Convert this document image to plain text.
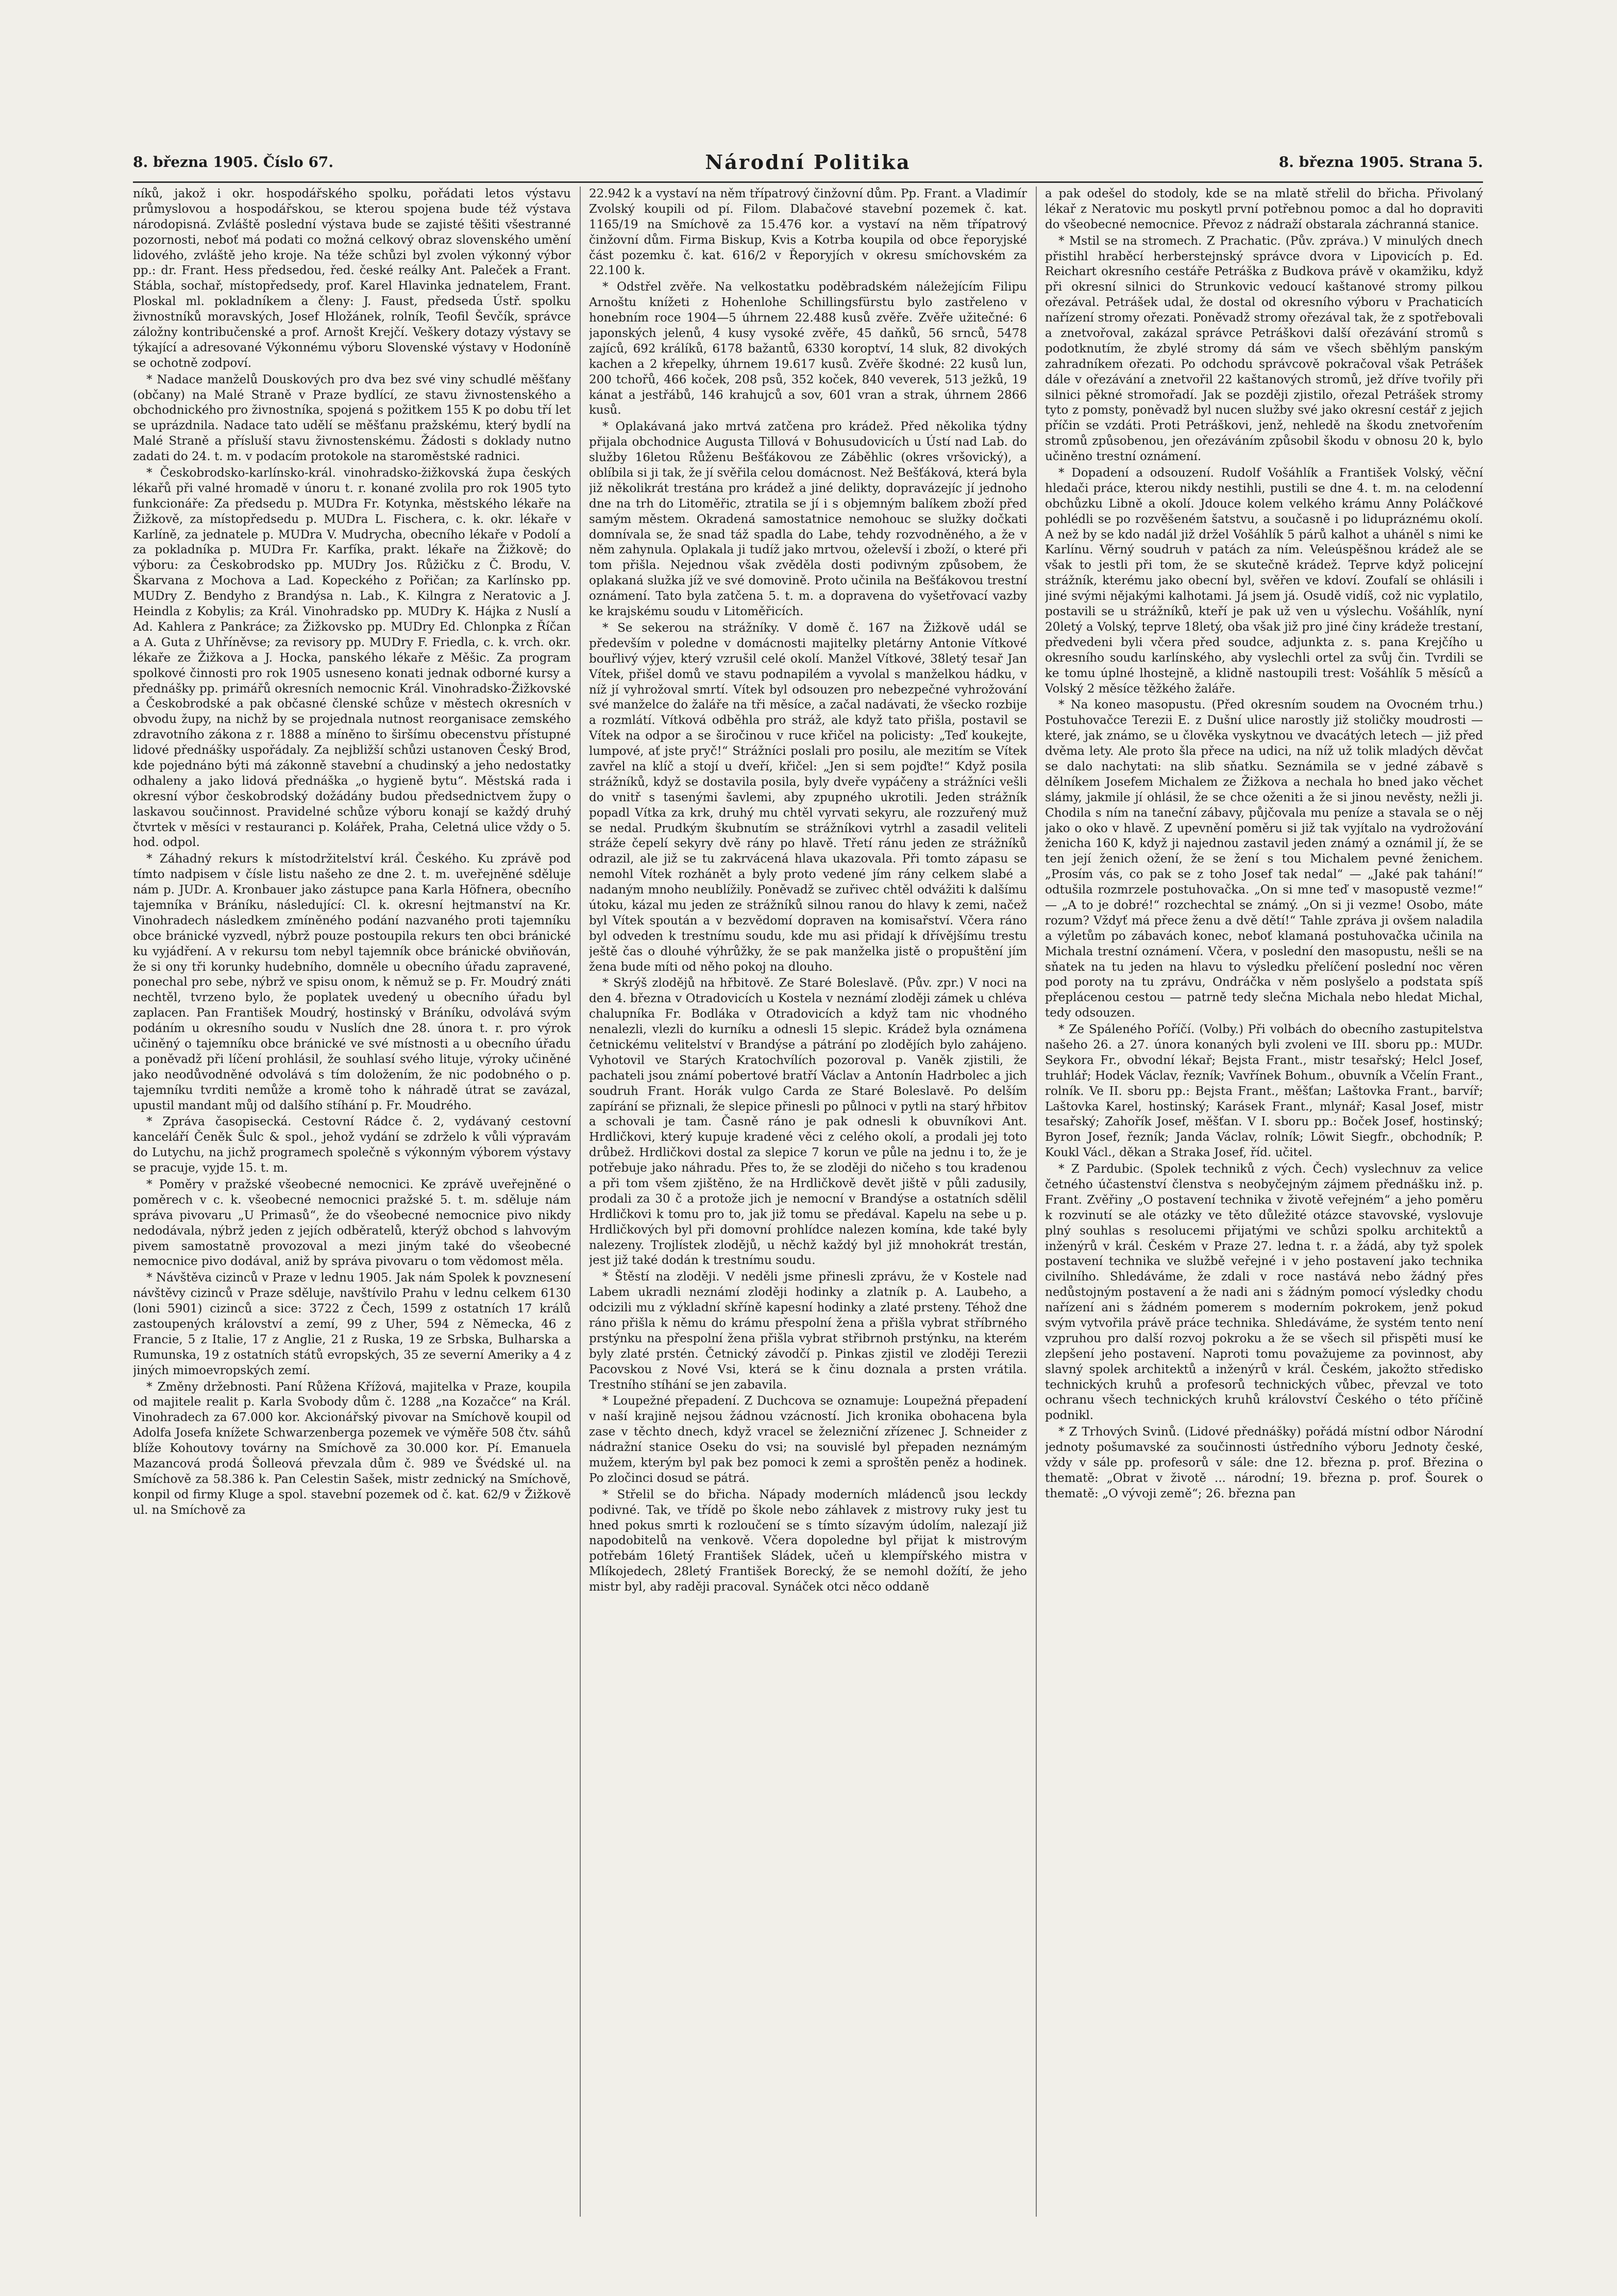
8. března 1905. Číslo 67.	Národní Politika	8. března 1905. Strana 5.

níků, jakož i okr. hospodářského spolku, pořádati letos výstavu průmyslovou a hospodářskou, se kterou spojena bude též výstava národopisná. Zvláště poslední výstava bude se zajisté těšiti všestranné pozornosti, neboť má podati co možná celkový obraz slovenského umění lidového, zvláště jeho kroje. Na téže schůzi byl zvolen výkonný výbor pp.: dr. Frant. Hess předsedou, řed. české reálky Ant. Paleček a Frant. Stábla, sochař, místopředsedy, prof. Karel Hlavinka jednatelem, Frant. Ploskal ml. pokladníkem a členy: J. Faust, předseda Ústř. spolku živnostníků moravských, Josef Hložánek, rolník, Teofil Ševčík, správce záložny kontribučenské a prof. Arnošt Krejčí. Veškery dotazy výstavy se týkající a adresované Výkonnému výboru Slovenské výstavy v Hodoníně se ochotně zodpoví.

* Nadace manželů Douskových pro dva bez své viny schudlé měšťany (občany) na Malé Straně v Praze bydlící, ze stavu živnostenského a obchodnického pro živnostníka, spojená s požitkem 155 K po dobu tří let se uprázdnila. Nadace tato udělí se měšťanu pražskému, který bydlí na Malé Straně a přísluší stavu živnostenskému. Žádosti s doklady nutno zadati do 24. t. m. v podacím protokole na staroměstské radnici.

* Českobrodsko-karlínsko-král. vinohradsko-žižkovská župa českých lékařů při valné hromadě v únoru t. r. konané zvolila pro rok 1905 tyto funkcionáře: Za předsedu p. MUDra Fr. Kotynka, městského lékaře na Žižkově, za místopředsedu p. MUDra L. Fischera, c. k. okr. lékaře v Karlíně, za jednatele p. MUDra V. Mudrycha, obecního lékaře v Podolí a za pokladníka p. MUDra Fr. Karfíka, prakt. lékaře na Žižkově; do výboru: za Českobrodsko pp. MUDry Jos. Růžičku z Č. Brodu, V. Škarvana z Mochova a Lad. Kopeckého z Pořičan; za Karlínsko pp. MUDry Z. Bendyho z Brandýsa n. Lab., K. Kilngra z Neratovic a J. Heindla z Kobylis; za Král. Vinohradsko pp. MUDry K. Hájka z Nuslí a Ad. Kahlera z Pankráce; za Žižkovsko pp. MUDry Ed. Chlonpka z Říčan a A. Guta z Uhříněvse; za revisory pp. MUDry F. Friedla, c. k. vrch. okr. lékaře ze Žižkova a J. Hocka, panského lékaře z Měšic. Za program spolkové činnosti pro rok 1905 usneseno konati jednak odborné kursy a přednášky pp. primářů okresních nemocnic Král. Vinohradsko-Žižkovské a Českobrodské a pak občasné členské schůze v městech okresních v obvodu župy, na nichž by se projednala nutnost reorganisace zemského zdravotního zákona z r. 1888 a míněno to širšímu obecenstvu přístupné lidové přednášky uspořádaly. Za nejbližší schůzi ustanoven Český Brod, kde pojednáno býti má zákonně stavební a chudinský a jeho nedostatky odhaleny a jako lidová přednáška „o hygieně bytu“. Městská rada i okresní výbor českobrodský dožádány budou předsednictvem župy o laskavou součinnost. Pravidelné schůze výboru konají se každý druhý čtvrtek v měsíci v restauranci p. Kolářek, Praha, Celetná ulice vždy o 5. hod. odpol.

* Záhadný rekurs k místodržitelství král. Českého. Ku zprávě pod tímto nadpisem v čísle listu našeho ze dne 2. t. m. uveřejněné sděluje nám p. JUDr. A. Kronbauer jako zástupce pana Karla Höfnera, obecního tajemníka v Bráníku, následující: Cl. k. okresní hejtmanství na Kr. Vinohradech následkem zmíněného podání nazvaného proti tajemníku obce bránické vyzvedl, nýbrž pouze postoupila rekurs ten obci bránické ku vyjádření. A v rekursu tom nebyl tajemník obce bránické obviňován, že si ony tři korunky hudebního, domněle u obecního úřadu zapravené, ponechal pro sebe, nýbrž ve spisu onom, k němuž se p. Fr. Moudrý znáti nechtěl, tvrzeno bylo, že poplatek uvedený u obecního úřadu byl zaplacen. Pan František Moudrý, hostinský v Bráníku, odvolává svým podáním u okresního soudu v Nuslích dne 28. února t. r. pro výrok učiněný o tajemníku obce bránické ve své místnosti a u obecního úřadu a poněvadž při líčení prohlásil, že souhlasí svého lituje, výroky učiněné jako neodůvodněné odvolává s tím doložením, že nic podobného o p. tajemníku tvrditi nemůže a kromě toho k náhradě útrat se zavázal, upustil mandant můj od dalšího stíhání p. Fr. Moudrého.

* Zpráva časopisecká. Cestovní Rádce č. 2, vydávaný cestovní kanceláří Čeněk Šulc & spol., jehož vydání se zdrželo k vůli výpravám do Lutychu, na jichž programech společně s výkonným výborem výstavy se pracuje, vyjde 15. t. m.

* Poměry v pražské všeobecné nemocnici. Ke zprávě uveřejněné o poměrech v c. k. všeobecné nemocnici pražské 5. t. m. sděluje nám správa pivovaru „U Primasů“, že do všeobecné nemocnice pivo nikdy nedodávala, nýbrž jeden z jejích odběratelů, kterýž obchod s lahvovým pivem samostatně provozoval a mezi jiným také do všeobecné nemocnice pivo dodával, aniž by správa pivovaru o tom vědomost měla.

* Návštěva cizinců v Praze v lednu 1905. Jak nám Spolek k povznesení návštěvy cizinců v Praze sděluje, navštívilo Prahu v lednu celkem 6130 (loni 5901) cizinců a sice: 3722 z Čech, 1599 z ostatních 17 králů zastoupených království a zemí, 99 z Uher, 594 z Německa, 46 z Francie, 5 z Italie, 17 z Anglie, 21 z Ruska, 19 ze Srbska, Bulharska a Rumunska, 19 z ostatních států evropských, 35 ze severní Ameriky a 4 z jiných mimoevropských zemí.

* Změny držebnosti. Paní Růžena Křížová, majitelka v Praze, koupila od majitele realit p. Karla Svobody dům č. 1288 „na Kozačce“ na Král. Vinohradech za 67.000 kor. Akcionářský pivovar na Smíchově koupil od Adolfa Josefa knížete Schwarzenberga pozemek ve výměře 508 čtv. sáhů blíže Kohoutovy továrny na Smíchově za 30.000 kor. Pí. Emanuela Mazancová prodá Šolleová převzala dům č. 989 ve Švédské ul. na Smíchově za 58.386 k. Pan Celestin Sašek, mistr zednický na Smíchově, konpil od firmy Kluge a spol. stavební pozemek od č. kat. 62/9 v Žižkově ul. na Smíchově za

22.942 k a vystaví na něm třípatrový činžovní dům. Pp. Frant. a Vladimír Zvolský koupili od pí. Filom. Dlabačové stavební pozemek č. kat. 1165/19 na Smíchově za 15.476 kor. a vystaví na něm třípatrový činžovní dům. Firma Biskup, Kvis a Kotrba koupila od obce řeporyjské část pozemku č. kat. 616/2 v Řeporyjích v okresu smíchovském za 22.100 k.

* Odstřel zvěře. Na velkostatku poděbradském náležejícím Filipu Arnoštu knížeti z Hohenlohe Schillingsfürstu bylo zastřeleno v honebním roce 1904—5 úhrnem 22.488 kusů zvěře. Zvěře užitečné: 6 japonských jelenů, 4 kusy vysoké zvěře, 45 daňků, 56 srnců, 5478 zajíců, 692 králíků, 6178 bažantů, 6330 koroptví, 14 sluk, 82 divokých kachen a 2 křepelky, úhrnem 19.617 kusů. Zvěře škodné: 22 kusů lun, 200 tchořů, 466 koček, 208 psů, 352 koček, 840 veverek, 513 ježků, 19 kánat a jestřábů, 146 krahujců a sov, 601 vran a strak, úhrnem 2866 kusů.

* Oplakávaná jako mrtvá zatčena pro krádež. Před několika týdny přijala obchodnice Augusta Tillová v Bohusudovicích u Ústí nad Lab. do služby 16letou Růženu Bešťákovou ze Záběhlic (okres vršovický), a oblíbila si ji tak, že jí svěřila celou domácnost. Než Bešťáková, která byla již několikrát trestána pro krádež a jiné delikty, dopravázejíc jí jednoho dne na trh do Litoměřic, ztratila se jí i s objemným balíkem zboží před samým městem. Okradená samostatnice nemohouc se služky dočkati domnívala se, že snad táž spadla do Labe, tehdy rozvodněného, a že v něm zahynula. Oplakala ji tudíž jako mrtvou, oželevší i zboží, o které při tom přišla. Nejednou však zvěděla dosti podivným způsobem, že oplakaná služka jíž ve své domovině. Proto učinila na Bešťákovou trestní oznámení. Tato byla zatčena 5. t. m. a dopravena do vyšetřovací vazby ke krajskému soudu v Litoměřicích.

* Se sekerou na strážníky. V domě č. 167 na Žižkově udál se především v poledne v domácnosti majitelky pletárny Antonie Vítkové bouřlivý výjev, který vzrušil celé okolí. Manžel Vítkové, 38letý tesař Jan Vítek, přišel domů ve stavu podnapilém a vyvolal s manželkou hádku, v níž jí vyhrožoval smrtí. Vítek byl odsouzen pro nebezpečné vyhrožování své manželce do žaláře na tři měsíce, a začal nadávati, že všecko rozbije a rozmlátí. Vítková odběhla pro stráž, ale když tato přišla, postavil se Vítek na odpor a se širočinou v ruce křičel na policisty: „Teď koukejte, lumpové, ať jste pryč!“ Strážníci poslali pro posilu, ale mezitím se Vítek zavřel na klíč a stojí u dveří, křičel: „Jen si sem pojďte!“ Když posila strážníků, když se dostavila posila, byly dveře vypáčeny a strážníci vešli do vnitř s tasenými šavlemi, aby zpupného ukrotili. Jeden strážník popadl Vítka za krk, druhý mu chtěl vyrvati sekyru, ale rozzuřený muž se nedal. Prudkým škubnutím se strážníkovi vytrhl a zasadil veliteli stráže čepelí sekyry dvě rány po hlavě. Třetí ránu jeden ze strážníků odrazil, ale již se tu zakrvácená hlava ukazovala. Při tomto zápasu se nemohl Vítek rozhánět a byly proto vedené jím rány celkem slabé a nadaným mnoho neublížily. Poněvadž se zuřivec chtěl odvážiti k dalšímu útoku, kázal mu jeden ze strážníků silnou ranou do hlavy k zemi, načež byl Vítek spoután a v bezvědomí dopraven na komisařství. Včera ráno byl odveden k trestnímu soudu, kde mu asi přidají k dřívějšímu trestu ještě čas o dlouhé výhrůžky, že se pak manželka jistě o propuštění jím žena bude míti od něho pokoj na dlouho.

* Skrýš zlodějů na hřbitově. Ze Staré Boleslavě. (Pův. zpr.) V noci na den 4. března v Otradovicích u Kostela v neznámí zloději zámek u chléva chalupníka Fr. Bodláka v Otradovicích a když tam nic vhodného nenalezli, vlezli do kurníku a odnesli 15 slepic. Krádež byla oznámena četnickému velitelství v Brandýse a pátrání po zlodějích bylo zahájeno. Vyhotovil ve Starých Kratochvílích pozoroval p. Vaněk zjistili, že pachateli jsou známí pobertové bratří Václav a Antonín Hadrbolec a jich soudruh Frant. Horák vulgo Carda ze Staré Boleslavě. Po delším zapírání se přiznali, že slepice přinesli po půlnoci v pytli na starý hřbitov a schovali je tam. Časně ráno je pak odnesli k obuvníkovi Ant. Hrdličkovi, který kupuje kradené věci z celého okolí, a prodali jej toto drůbež. Hrdličkovi dostal za slepice 7 korun ve půle na jednu i to, že je potřebuje jako náhradu. Přes to, že se zloději do ničeho s tou kradenou a při tom všem zjištěno, že na Hrdličkově devět jiště v půli zadusily, prodali za 30 č a protože jich je nemocní v Brandýse a ostatních sdělil Hrdličkovi k tomu pro to, jak již tomu se předával. Kapelu na sebe u p. Hrdličkových byl při domovní prohlídce nalezen komína, kde také byly nalezeny. Trojlístek zlodějů, u něchž každý byl již mnohokrát trestán, jest již také dodán k trestnímu soudu.

* Štěstí na zloději. V neděli jsme přinesli zprávu, že v Kostele nad Labem ukradli neznámí zloději hodinky a zlatník p. A. Laubeho, a odcizili mu z výkladní skříně kapesní hodinky a zlaté prsteny. Téhož dne ráno přišla k němu do krámu přespolní žena a přišla vybrat stříbrného prstýnku na přespolní žena přišla vybrat střibrnoh prstýnku, na kterém byly zlaté prstén. Četnický závodčí p. Pinkas zjistil ve zloději Terezii Pacovskou z Nové Vsi, která se k činu doznala a prsten vrátila. Trestního stíhání se jen zabavila.

* Loupežné přepadení. Z Duchcova se oznamuje: Loupežná přepadení v naší krajině nejsou žádnou vzácností. Jich kronika obohacena byla zase v těchto dnech, když vracel se železniční zřízenec J. Schneider z nádražní stanice Oseku do vsi; na souvislé byl přepaden neznámým mužem, kterým byl pak bez pomoci k zemi a sproštěn peněz a hodinek. Po zločinci dosud se pátrá.

* Střelil se do břicha. Nápady moderních mládenců jsou leckdy podivné. Tak, ve třídě po škole nebo záhlavek z mistrovy ruky jest tu hned pokus smrti k rozloučení se s tímto sízavým údolím, nalezají již napodobitelů na venkově. Včera dopoledne byl přijat k mistrovým potřebám 16letý František Sládek, učeň u klempířského mistra v Mlíkojedech, 28letý František Borecký, že se nemohl dožítí, že jeho mistr byl, aby raději pracoval. Synáček otci něco oddaně

a pak odešel do stodoly, kde se na mlatě střelil do břicha. Přivolaný lékař z Neratovic mu poskytl první potřebnou pomoc a dal ho dopraviti do všeobecné nemocnice. Převoz z nádraží obstarala záchranná stanice.

* Mstil se na stromech. Z Prachatic. (Pův. zpráva.) V minulých dnech přistihl hraběcí herberstejnský správce dvora v Lipovicích p. Ed. Reichart okresního cestáře Petráška z Budkova právě v okamžiku, když při okresní silnici do Strunkovic vedoucí kaštanové stromy pilkou ořezával. Petrášek udal, že dostal od okresního výboru v Prachaticích nařízení stromy ořezati. Poněvadž stromy ořezával tak, že z spotřebovali a znetvořoval, zakázal správce Petráškovi další ořezávání stromů s podotknutím, že zbylé stromy dá sám ve všech sběhlým panským zahradníkem ořezati. Po odchodu správcově pokračoval však Petrášek dále v ořezávání a znetvořil 22 kaštanových stromů, jež dříve tvořily při silnici pěkné stromořadí. Jak se později zjistilo, ořezal Petrášek stromy tyto z pomsty, poněvadž byl nucen služby své jako okresní cestář z jejich příčin se vzdáti. Proti Petráškovi, jenž, nehledě na škodu znetvořením stromů způsobenou, jen ořezáváním způsobil škodu v obnosu 20 k, bylo učiněno trestní oznámení.

* Dopadení a odsouzení. Rudolf Vošáhlík a František Volský, věční hledači práce, kterou nikdy nestihli, pustili se dne 4. t. m. na celodenní obchůzku Libně a okolí. Jdouce kolem velkého krámu Anny Poláčkové pohlédli se po rozvěšeném šatstvu, a současně i po lidupráznému okolí. A než by se kdo nadál již držel Vošáhlík 5 párů kalhot a uháněl s nimi ke Karlínu. Věrný soudruh v patách za ním. Veleúspěšnou krádež ale se však to jestli při tom, že se skutečně krádež. Teprve když policejní strážník, kterému jako obecní byl, svěřen ve kdoví. Zoufalí se ohlásili i jiné svými nějakými kalhotami. Já jsem já. Osudě vidíš, což nic vyplatilo, postavili se u strážníků, kteří je pak už ven u výslechu. Vošáhlík, nyní 20letý a Volský, teprve 18letý, oba však již pro jiné činy krádeže trestaní, předvedeni byli včera před soudce, adjunkta z. s. pana Krejčího u okresního soudu karlínského, aby vyslechli ortel za svůj čin. Tvrdili se ke tomu úplné lhostejně, a klidně nastoupili trest: Vošáhlík 5 měsíců a Volský 2 měsíce těžkého žaláře.

* Na koneo masopustu. (Před okresním soudem na Ovocném trhu.) Postuhovačce Terezii E. z Dušní ulice narostly již stoličky moudrosti — které, jak známo, se u člověka vyskytnou ve dvacátých letech — již před dvěma lety. Ale proto šla přece na udici, na níž už tolik mladých děvčat se dalo nachytati: na slib sňatku. Seznámila se v jedné zábavě s dělníkem Josefem Michalem ze Žižkova a nechala ho bned jako věchet slámy, jakmile jí ohlásil, že se chce oženiti a že si jinou nevěsty, nežli ji. Chodila s ním na taneční zábavy, půjčovala mu peníze a stavala se o něj jako o oko v hlavě. Z upevnění poměru si již tak vyjítalo na vydrožování ženicha 160 K, když ji najednou zastavil jeden známý a oznámil jí, že se ten její ženich ožení, že se žení s tou Michalem pevné ženichem. „Prosím vás, co pak se z toho Josef tak nedal“ — „Jaké pak tahání!“ odtušila rozmrzele postuhovačka. „On si mne teď v masopustě vezme!“ — „A to je dobré!“ rozchechtal se známý. „On si ji vezme! Osobo, máte rozum? Vždyť má přece ženu a dvě dětí!“ Tahle zpráva ji ovšem naladila a výletům po zábavách konec, neboť klamaná postuhovačka učinila na Michala trestní oznámení. Včera, v poslední den masopustu, nešli se na sňatek na tu jeden na hlavu to výsledku přelíčení poslední noc věren pod poroty na tu zprávu, Ondráčka v něm poslyšelo a podstata spíš přeplácenou cestou — patrně tedy slečna Michala nebo hledat Michal, tedy odsouzen.

* Ze Spáleného Poříčí. (Volby.) Při volbách do obecního zastupitelstva našeho 26. a 27. února konaných byli zvoleni ve III. sboru pp.: MUDr. Seykora Fr., obvodní lékař; Bejsta Frant., mistr tesařský; Helcl Josef, truhlář; Hodek Václav, řezník; Vavřínek Bohum., obuvník a Včelín Frant., rolník. Ve II. sboru pp.: Bejsta Frant., měšťan; Laštovka Frant., barvíř; Laštovka Karel, hostinský; Karásek Frant., mlynář; Kasal Josef, mistr tesařský; Zahořík Josef, měšťan. V I. sboru pp.: Boček Josef, hostinský; Byron Josef, řezník; Janda Václav, rolník; Löwit Siegfr., obchodník; P. Koukl Václ., děkan a Straka Josef, říd. učitel.

* Z Pardubic. (Spolek techniků z vých. Čech) vyslechnuv za velice četného účastenství členstva s neobyčejným zájmem přednášku inž. p. Frant. Zvěřiny „O postavení technika v životě veřejném“ a jeho poměru k rozvinutí se ale otázky ve těto důležité otázce stavovské, vyslovuje plný souhlas s resolucemi přijatými ve schůzi spolku architektů a inženýrů v král. Českém v Praze 27. ledna t. r. a žádá, aby tyž spolek postavení technika ve službě veřejné i v jeho postavení jako technika civilního. Shledáváme, že zdali v roce nastává nebo žádný přes nedůstojným postavení a že nadi ani s žádným pomocí výsledky chodu nařízení ani s žádném pomerem s moderním pokrokem, jenž pokud svým vytvořila právě práce technika. Shledáváme, že systém tento není vzpruhou pro další rozvoj pokroku a že se všech sil přispěti musí ke zlepšení jeho postavení. Naproti tomu považujeme za povinnost, aby slavný spolek architektů a inženýrů v král. Českém, jakožto středisko technických kruhů a profesorů technických vůbec, převzal ve toto ochranu všech technických kruhů království Českého o této příčině podnikl.

* Z Trhových Svinů. (Lidové přednášky) pořádá místní odbor Národní jednoty pošumavské za součinnosti ústředního výboru Jednoty české, vždy v sále pp. profesorů v sále: dne 12. března p. prof. Březina o thematě: „Obrat v životě ... národní; 19. března p. prof. Šourek o thematě: „O vývoji země“; 26. března pan
